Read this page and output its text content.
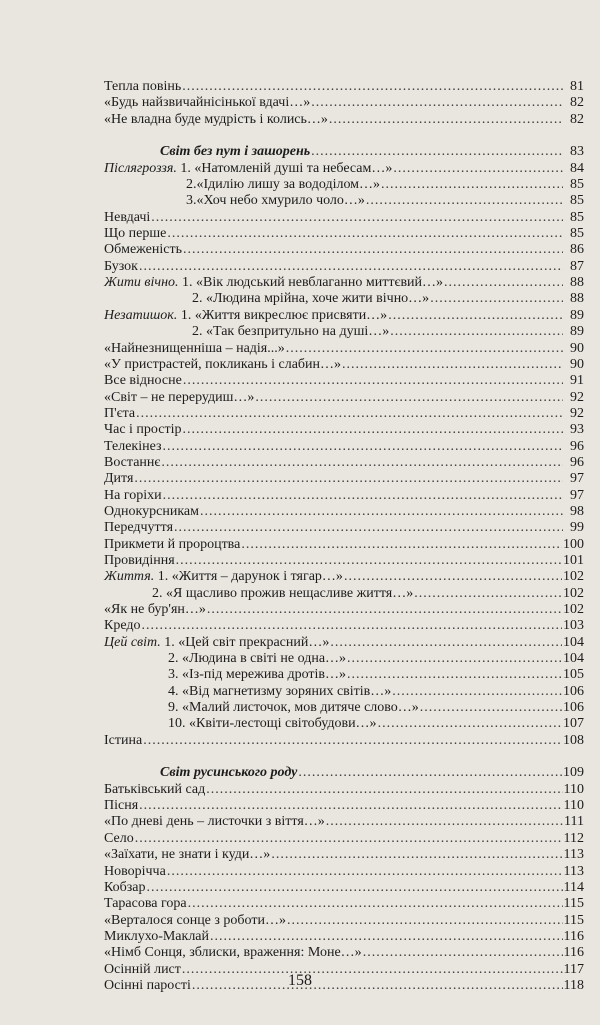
Тепла повінь .....	81
«Будь найзвичайнісінької вдачі…» .....	82
«Не владна буде мудрість і колись…» .....	82
Світ без пут і зашорень .....	83
Післягроззя. 1. «Натомленій душі та небесам…» .....	84
2.«Ідилію лишу за вододілом…» .....	85
3.«Хоч небо хмурило чоло…» .....	85
Невдачі .....	85
Що перше .....	85
Обмеженість .....	86
Бузок .....	87
Жити вічно. 1. «Вік людський невблаганно миттєвий…» .....	88
2. «Людина мрійна, хоче жити вічно…» .....	88
Незатишок. 1. «Життя викреслює присвяти…» .....	89
2. «Так безпритульно на душі…» .....	89
«Найнезнищенніша – надія...» .....	90
«У пристрастей, покликань і слабин…» .....	90
Все відносне .....	91
«Світ – не перерудиш…» .....	92
П'єта .....	92
Час і простір .....	93
Телекінез .....	96
Востаннє .....	96
Дитя .....	97
На горіхи .....	97
Однокурсникам .....	98
Передчуття .....	99
Прикмети й пророцтва .....	100
Провидіння .....	101
Життя. 1. «Життя – дарунок і тягар…» .....	102
2. «Я щасливо прожив нещасливе життя…» .....	102
«Як не бур'ян…» .....	102
Кредо .....	103
Цей світ. 1. «Цей світ прекрасний…» .....	104
2. «Людина в світі не одна…» .....	104
3. «Із-під мережива дротів…» .....	105
4. «Від магнетизму зоряних світів…» .....	106
9. «Малий листочок, мов дитяче слово…» .....	106
10. «Квіти-лестощі світобудови…» .....	107
Істина .....	108
Світ русинського роду .....	109
Батьківський сад .....	110
Пісня .....	110
«По дневі день – листочки з віття…» .....	111
Село .....	112
«Заїхати, не знати і куди…» .....	113
Новорічча .....	113
Кобзар .....	114
Тарасова гора .....	115
«Верталося сонце з роботи…» .....	115
Миклухо-Маклай .....	116
«Німб Сонця, зблиски, враження: Моне…» .....	116
Осінній лист .....	117
Осінні парості .....	118
158
